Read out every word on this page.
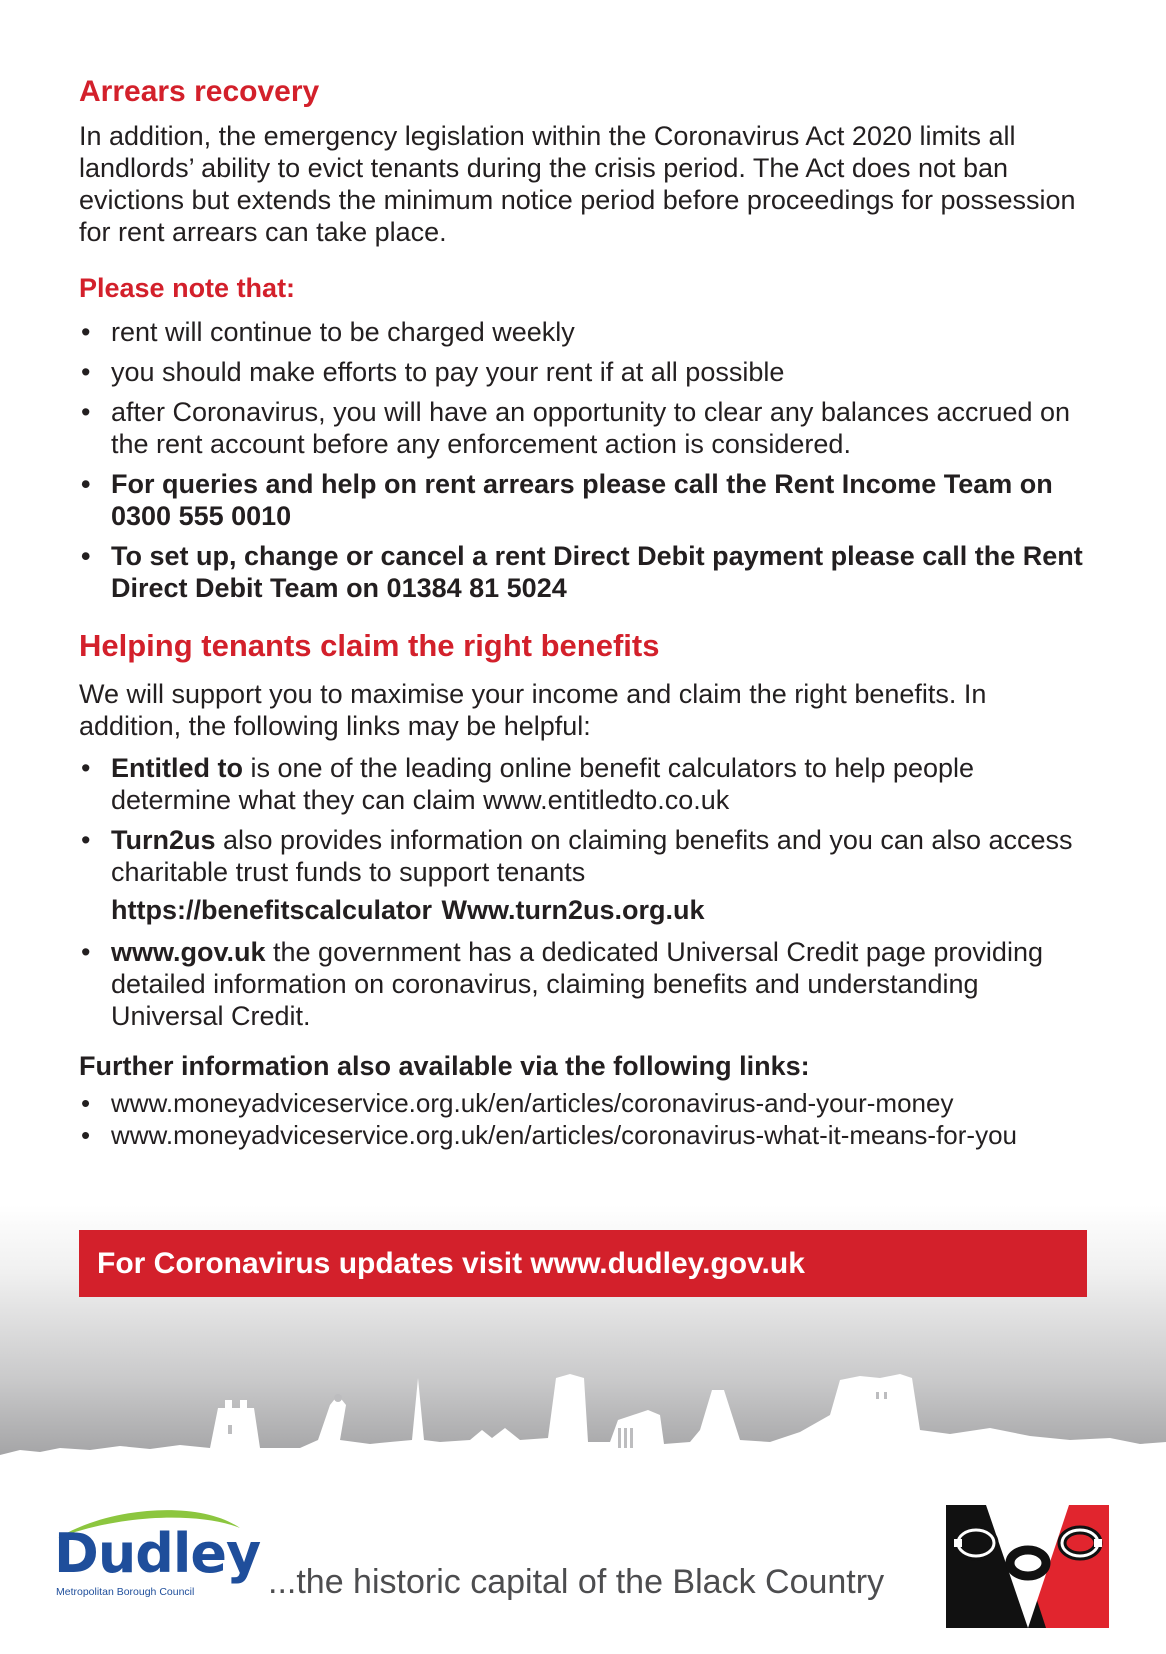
Arrears recovery

In addition, the emergency legislation within the Coronavirus Act 2020 limits all landlords’ ability to evict tenants during the crisis period. The Act does not ban evictions but extends the minimum notice period before proceedings for possession for rent arrears can take place.

Please note that:
• rent will continue to be charged weekly
• you should make efforts to pay your rent if at all possible
• after Coronavirus, you will have an opportunity to clear any balances accrued on the rent account before any enforcement action is considered.
• For queries and help on rent arrears please call the Rent Income Team on 0300 555 0010
• To set up, change or cancel a rent Direct Debit payment please call the Rent Direct Debit Team on 01384 81 5024
Helping tenants claim the right benefits

We will support you to maximise your income and claim the right benefits. In addition, the following links may be helpful:

• Entitled to is one of the leading online benefit calculators to help people determine what they can claim www.entitledto.co.uk
• Turn2us also provides information on claiming benefits and you can also access charitable trust funds to support tenants
https://benefitscalculator Www.turn2us.org.uk
• www.gov.uk the government has a dedicated Universal Credit page providing detailed information on coronavirus, claiming benefits and understanding Universal Credit.
Further information also available via the following links:
• www.moneyadviceservice.org.uk/en/articles/coronavirus-and-your-money
• www.moneyadviceservice.org.uk/en/articles/coronavirus-what-it-means-for-you
For Coronavirus updates visit www.dudley.gov.uk
Dudley
Metropolitan Borough Council ...the historic capital of the Black Country
